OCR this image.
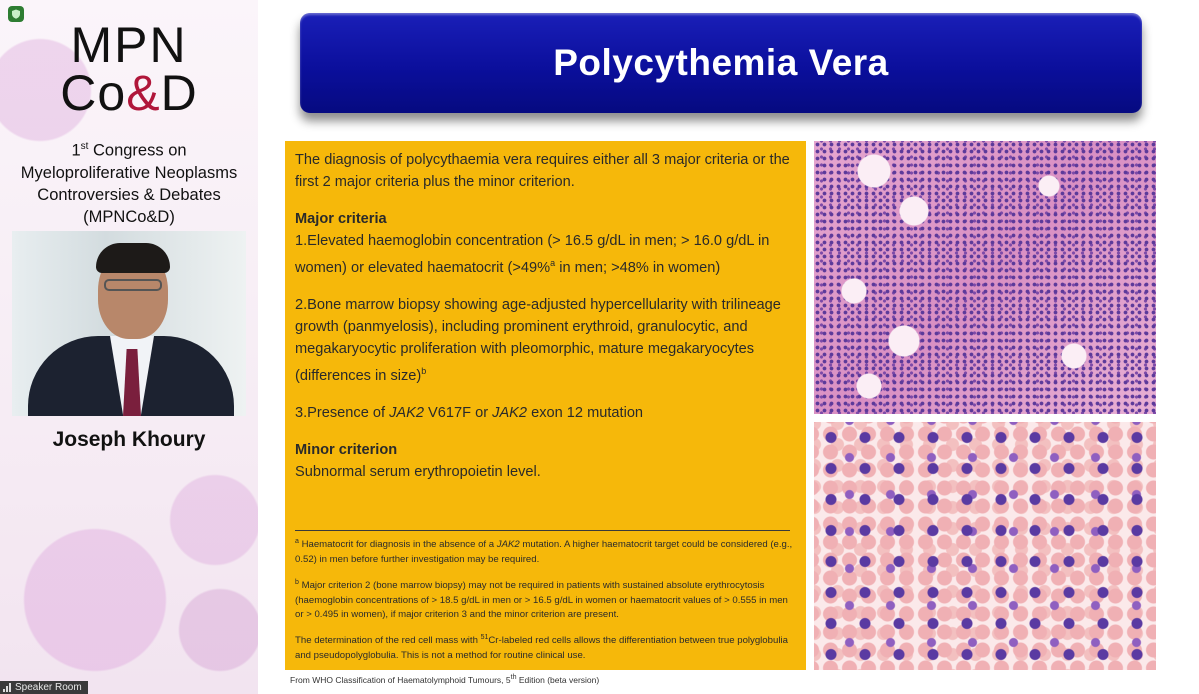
MPN
Co&D
1st Congress on
Myeloproliferative Neoplasms
Controversies & Debates
(MPNCo&D)
Joseph Khoury
Speaker Room
Polycythemia Vera

The diagnosis of polycythaemia vera requires either all 3 major criteria or the first 2 major criteria plus the minor criterion.

Major criteria

1.Elevated haemoglobin concentration (> 16.5 g/dL in men; > 16.0 g/dL in women) or elevated haematocrit (>49%$^a$ in men; >48% in women)

2.Bone marrow biopsy showing age-adjusted hypercellularity with trilineage growth (panmyelosis), including prominent erythroid, granulocytic, and megakaryocytic proliferation with pleomorphic, mature megakaryocytes (differences in size)$^b$

3.Presence of JAK2 V617F or JAK2 exon 12 mutation

Minor criterion

Subnormal serum erythropoietin level.

$^a$ Haematocrit for diagnosis in the absence of a JAK2 mutation. A higher haematocrit target could be considered (e.g., 0.52) in men before further investigation may be required.

$^b$ Major criterion 2 (bone marrow biopsy) may not be required in patients with sustained absolute erythrocytosis (haemoglobin concentrations of > 18.5 g/dL in men or > 16.5 g/dL in women or haematocrit values of > 0.555 in men or > 0.495 in women), if major criterion 3 and the minor criterion are present.

The determination of the red cell mass with $^{51}$Cr-labeled red cells allows the differentiation between true polyglobulia and pseudopolyglobulia. This is not a method for routine clinical use.

From WHO Classification of Haematolymphoid Tumours, 5th Edition (beta version)
